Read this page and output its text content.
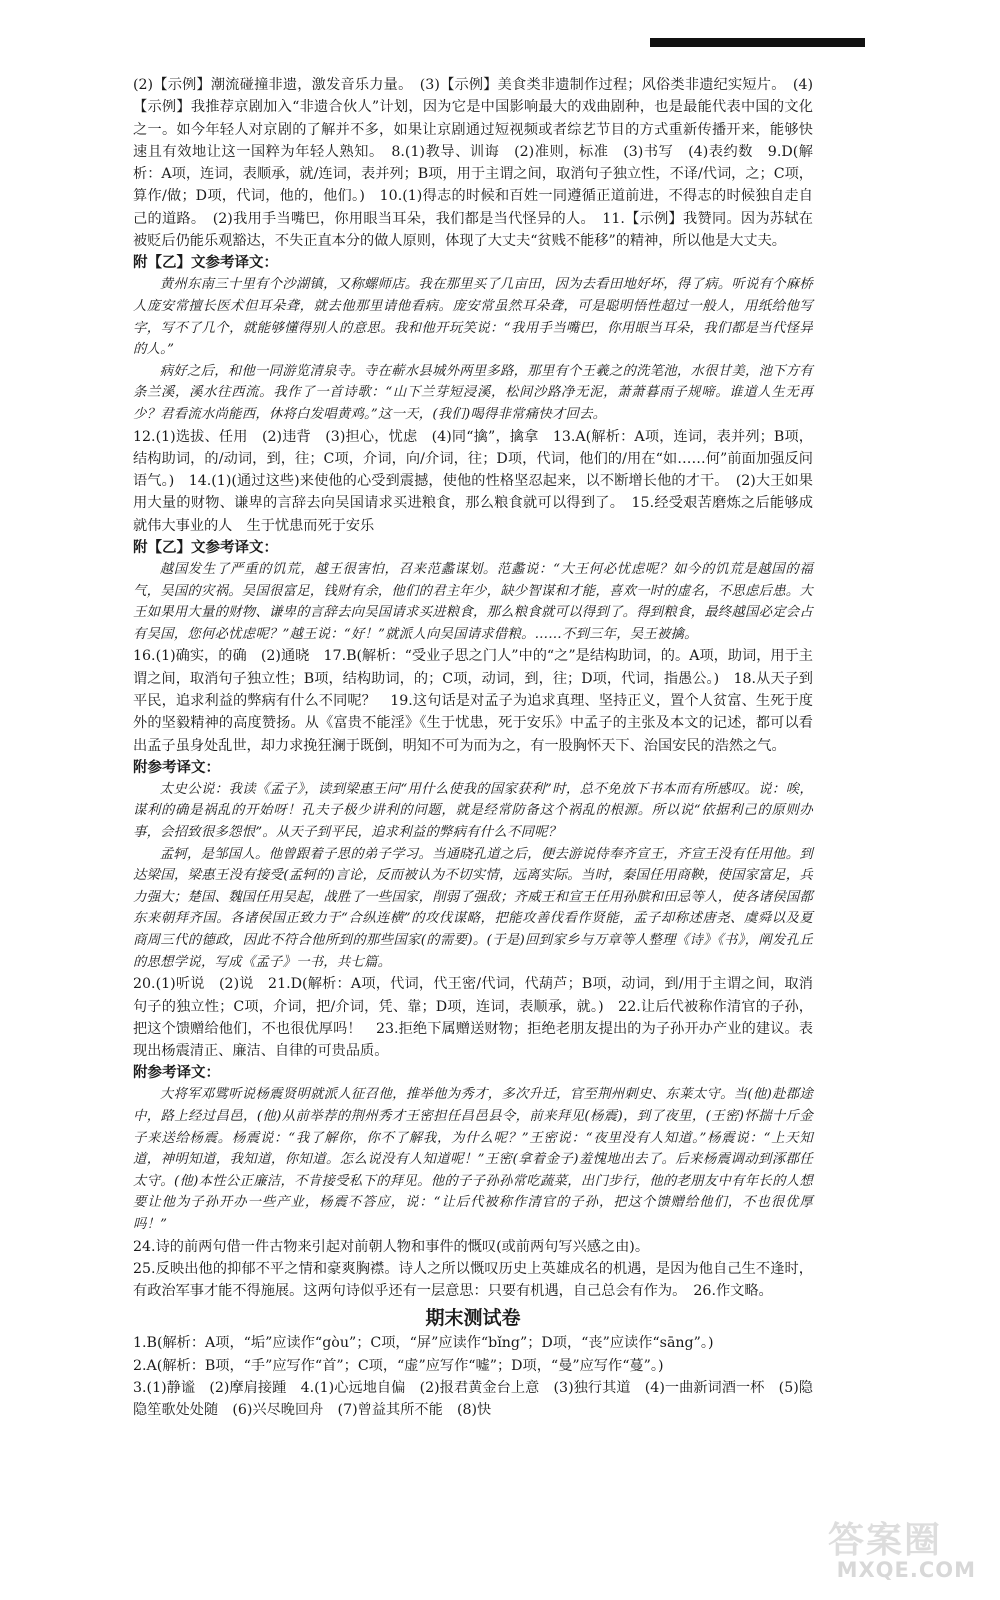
(2)【示例】潮流碰撞非遗，激发音乐力量。　(3)【示例】美食类非遗制作过程；风俗类非遗纪实短片。　(4)【示例】我推荐京剧加入“非遗合伙人”计划，因为它是中国影响最大的戏曲剧种，也是最能代表中国的文化之一。如今年轻人对京剧的了解并不多，如果让京剧通过短视频或者综艺节目的方式重新传播开来，能够快速且有效地让这一国粹为年轻人熟知。　8.(1)教导、训诲　(2)准则，标准　(3)书写　(4)表约数　9.D(解析：A项，连词，表顺承，就/连词，表并列；B项，用于主谓之间，取消句子独立性，不译/代词，之；C项，算作/做；D项，代词，他的，他们。)　10.(1)得志的时候和百姓一同遵循正道前进，不得志的时候独自走自己的道路。　(2)我用手当嘴巴，你用眼当耳朵，我们都是当代怪异的人。　11.【示例】我赞同。因为苏轼在被贬后仍能乐观豁达，不失正直本分的做人原则，体现了大丈夫“贫贱不能移”的精神，所以他是大丈夫。

附【乙】文参考译文：

黄州东南三十里有个沙湖镇，又称螺师店。我在那里买了几亩田，因为去看田地好坏，得了病。听说有个麻桥人庞安常擅长医术但耳朵聋，就去他那里请他看病。庞安常虽然耳朵聋，可是聪明悟性超过一般人，用纸给他写字，写不了几个，就能够懂得别人的意思。我和他开玩笑说：“我用手当嘴巴，你用眼当耳朵，我们都是当代怪异的人。”

病好之后，和他一同游览清泉寺。寺在蕲水县城外两里多路，那里有个王羲之的洗笔池，水很甘美，池下方有条兰溪，溪水往西流。我作了一首诗歌：“山下兰芽短浸溪，松间沙路净无泥，萧萧暮雨子规啼。谁道人生无再少？君看流水尚能西，休将白发唱黄鸡。”这一天，(我们)喝得非常痛快才回去。

12.(1)选拔、任用　(2)违背　(3)担心，忧虑　(4)同“擒”，擒拿　13.A(解析：A项，连词，表并列；B项，结构助词，的/动词，到，往；C项，介词，向/介词，往；D项，代词，他们的/用在“如……何”前面加强反问语气。)　14.(1)(通过这些)来使他的心受到震撼，使他的性格坚忍起来，以不断增长他的才干。　(2)大王如果用大量的财物、谦卑的言辞去向吴国请求买进粮食，那么粮食就可以得到了。　15.经受艰苦磨炼之后能够成就伟大事业的人　生于忧患而死于安乐

附【乙】文参考译文：

越国发生了严重的饥荒，越王很害怕，召来范蠡谋划。范蠡说：“大王何必忧虑呢？如今的饥荒是越国的福气，吴国的灾祸。吴国很富足，钱财有余，他们的君主年少，缺少智谋和才能，喜欢一时的虚名，不思虑后患。大王如果用大量的财物、谦卑的言辞去向吴国请求买进粮食，那么粮食就可以得到了。得到粮食，最终越国必定会占有吴国，您何必忧虑呢？”越王说：“好！”就派人向吴国请求借粮。……不到三年，吴王被擒。

16.(1)确实，的确　(2)通晓　17.B(解析：“受业子思之门人”中的“之”是结构助词，的。A项，助词，用于主谓之间，取消句子独立性；B项，结构助词，的；C项，动词，到，往；D项，代词，指愚公。)　18.从天子到平民，追求利益的弊病有什么不同呢？　19.这句话是对孟子为追求真理、坚持正义，置个人贫富、生死于度外的坚毅精神的高度赞扬。从《富贵不能淫》《生于忧患，死于安乐》中孟子的主张及本文的记述，都可以看出孟子虽身处乱世，却力求挽狂澜于既倒，明知不可为而为之，有一股胸怀天下、治国安民的浩然之气。

附参考译文：

太史公说：我读《孟子》，读到梁惠王问“用什么使我的国家获利”时，总不免放下书本而有所感叹。说：唉，谋利的确是祸乱的开始呀！孔夫子极少讲利的问题，就是经常防备这个祸乱的根源。所以说“依据利己的原则办事，会招致很多怨恨”。从天子到平民，追求利益的弊病有什么不同呢？

孟轲，是邹国人。他曾跟着子思的弟子学习。当通晓孔道之后，便去游说侍奉齐宣王，齐宣王没有任用他。到达梁国，梁惠王没有接受(孟轲的)言论，反而被认为不切实情，远离实际。当时，秦国任用商鞅，使国家富足，兵力强大；楚国、魏国任用吴起，战胜了一些国家，削弱了强敌；齐威王和宣王任用孙膑和田忌等人，使各诸侯国都东来朝拜齐国。各诸侯国正致力于“合纵连横”的攻伐谋略，把能攻善伐看作贤能，孟子却称述唐尧、虞舜以及夏商周三代的德政，因此不符合他所到的那些国家(的需要)。(于是)回到家乡与万章等人整理《诗》《书》，阐发孔丘的思想学说，写成《孟子》一书，共七篇。

20.(1)听说　(2)说　21.D(解析：A项，代词，代王密/代词，代葫芦；B项，动词，到/用于主谓之间，取消句子的独立性；C项，介词，把/介词，凭、靠；D项，连词，表顺承，就。)　22.让后代被称作清官的子孙，把这个馈赠给他们，不也很优厚吗！　23.拒绝下属赠送财物；拒绝老朋友提出的为子孙开办产业的建议。表现出杨震清正、廉洁、自律的可贵品质。

附参考译文：

大将军邓骘听说杨震贤明就派人征召他，推举他为秀才，多次升迁，官至荆州刺史、东莱太守。当(他)赴郡途中，路上经过昌邑，(他)从前举荐的荆州秀才王密担任昌邑县令，前来拜见(杨震)，到了夜里，(王密)怀揣十斤金子来送给杨震。杨震说：“我了解你，你不了解我，为什么呢？”王密说：“夜里没有人知道。”杨震说：“上天知道，神明知道，我知道，你知道。怎么说没有人知道呢！”王密(拿着金子)羞愧地出去了。后来杨震调动到涿郡任太守。(他)本性公正廉洁，不肯接受私下的拜见。他的子子孙孙常吃蔬菜，出门步行，他的老朋友中有年长的人想要让他为子孙开办一些产业，杨震不答应，说：“让后代被称作清官的子孙，把这个馈赠给他们，不也很优厚吗！”

24.诗的前两句借一件古物来引起对前朝人物和事件的慨叹(或前两句写兴感之由)。

25.反映出他的抑郁不平之情和豪爽胸襟。诗人之所以慨叹历史上英雄成名的机遇，是因为他自己生不逢时，有政治军事才能不得施展。这两句诗似乎还有一层意思：只要有机遇，自己总会有作为。　26.作文略。

期末测试卷

1.B(解析：A项，“垢”应读作“gòu”；C项，“屏”应读作“bǐng”；D项，“丧”应读作“sāng”。)

2.A(解析：B项，“手”应写作“首”；C项，“虚”应写作“嘘”；D项，“曼”应写作“蔓”。)

3.(1)静谧　(2)摩肩接踵　4.(1)心远地自偏　(2)报君黄金台上意　(3)独行其道　(4)一曲新词酒一杯　(5)隐隐笙歌处处随　(6)兴尽晚回舟　(7)曾益其所不能　(8)快

答案圈
MXQE.COM
